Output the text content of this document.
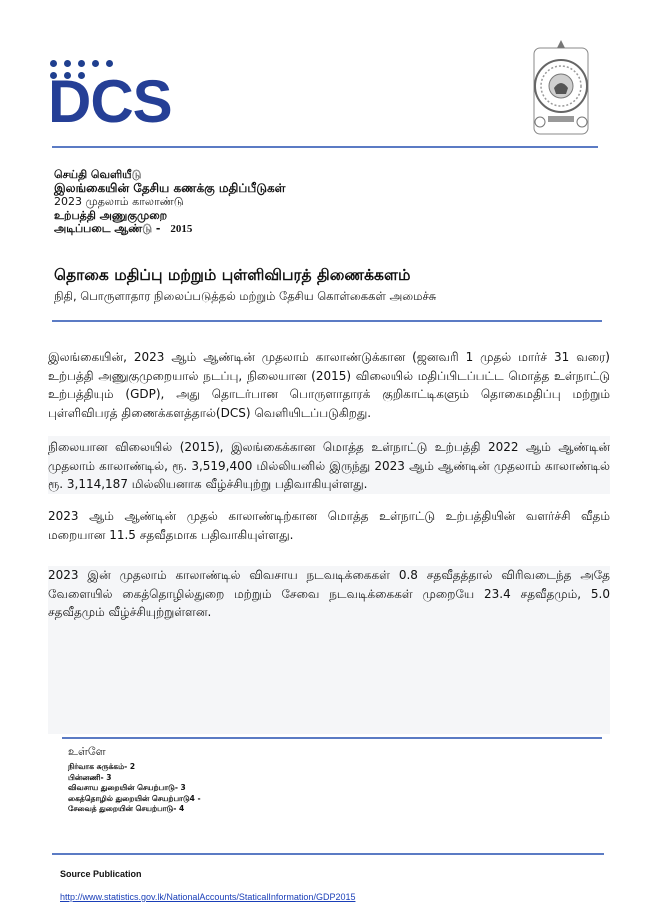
DCS
செய்தி வெளியீடு
இலங்கையின் தேசிய கணக்கு மதிப்பீடுகள்
2023 முதலாம் காலாண்டு
உற்பத்தி அணுகுமுறை
அடிப்படை ஆண்டு - 2015
தொகை மதிப்பு மற்றும் புள்ளிவிபரத் திணைக்களம்
நிதி, பொருளாதார நிலைப்படுத்தல் மற்றும் தேசிய கொள்கைகள் அமைச்சு
இலங்கையின், 2023 ஆம் ஆண்டின் முதலாம் காலாண்டுக்கான (ஜனவரி 1 முதல் மார்ச் 31 வரை) உற்பத்தி அணுகுமுறையால் நடப்பு, நிலையான (2015) விலையில் மதிப்பிடப்பட்ட மொத்த உள்நாட்டு உற்பத்தியும் (GDP), அது தொடர்பான பொருளாதாரக் குறிகாட்டிகளும் தொகைமதிப்பு மற்றும் புள்ளிவிபரத் திணைக்களத்தால்(DCS) வெளியிடப்படுகிறது.
நிலையான விலையில் (2015), இலங்கைக்கான மொத்த உள்நாட்டு உற்பத்தி 2022 ஆம் ஆண்டின் முதலாம் காலாண்டில், ரூ. 3,519,400 மில்லியனில் இருந்து 2023 ஆம் ஆண்டின் முதலாம் காலாண்டில் ரூ. 3,114,187 மில்லியனாக வீழ்ச்சியுற்று பதிவாகியுள்ளது.
2023 ஆம் ஆண்டின் முதல் காலாண்டிற்கான மொத்த உள்நாட்டு உற்பத்தியின் வளர்ச்சி வீதம் மறையான 11.5 சதவீதமாக பதிவாகியுள்ளது.
2023 இன் முதலாம் காலாண்டில் விவசாய நடவடிக்கைகள் 0.8 சதவீதத்தால் விரிவடைந்த அதே வேளையில் கைத்தொழில்துறை மற்றும் சேவை நடவடிக்கைகள் முறையே 23.4 சதவீதமும், 5.0 சதவீதமும் வீழ்ச்சியுற்றுள்ளன.
உள்ளே
நிர்வாக சுருக்கம்- 2
பின்னணி- 3
விவசாய துறையின் செயற்பாடு- 3
கைத்தொழில் துறையின் செயற்பாடு4 -
சேவைத் துறையின் செயற்பாடு- 4
Source Publication
http://www.statistics.gov.lk/NationalAccounts/StaticalInformation/GDP2015
